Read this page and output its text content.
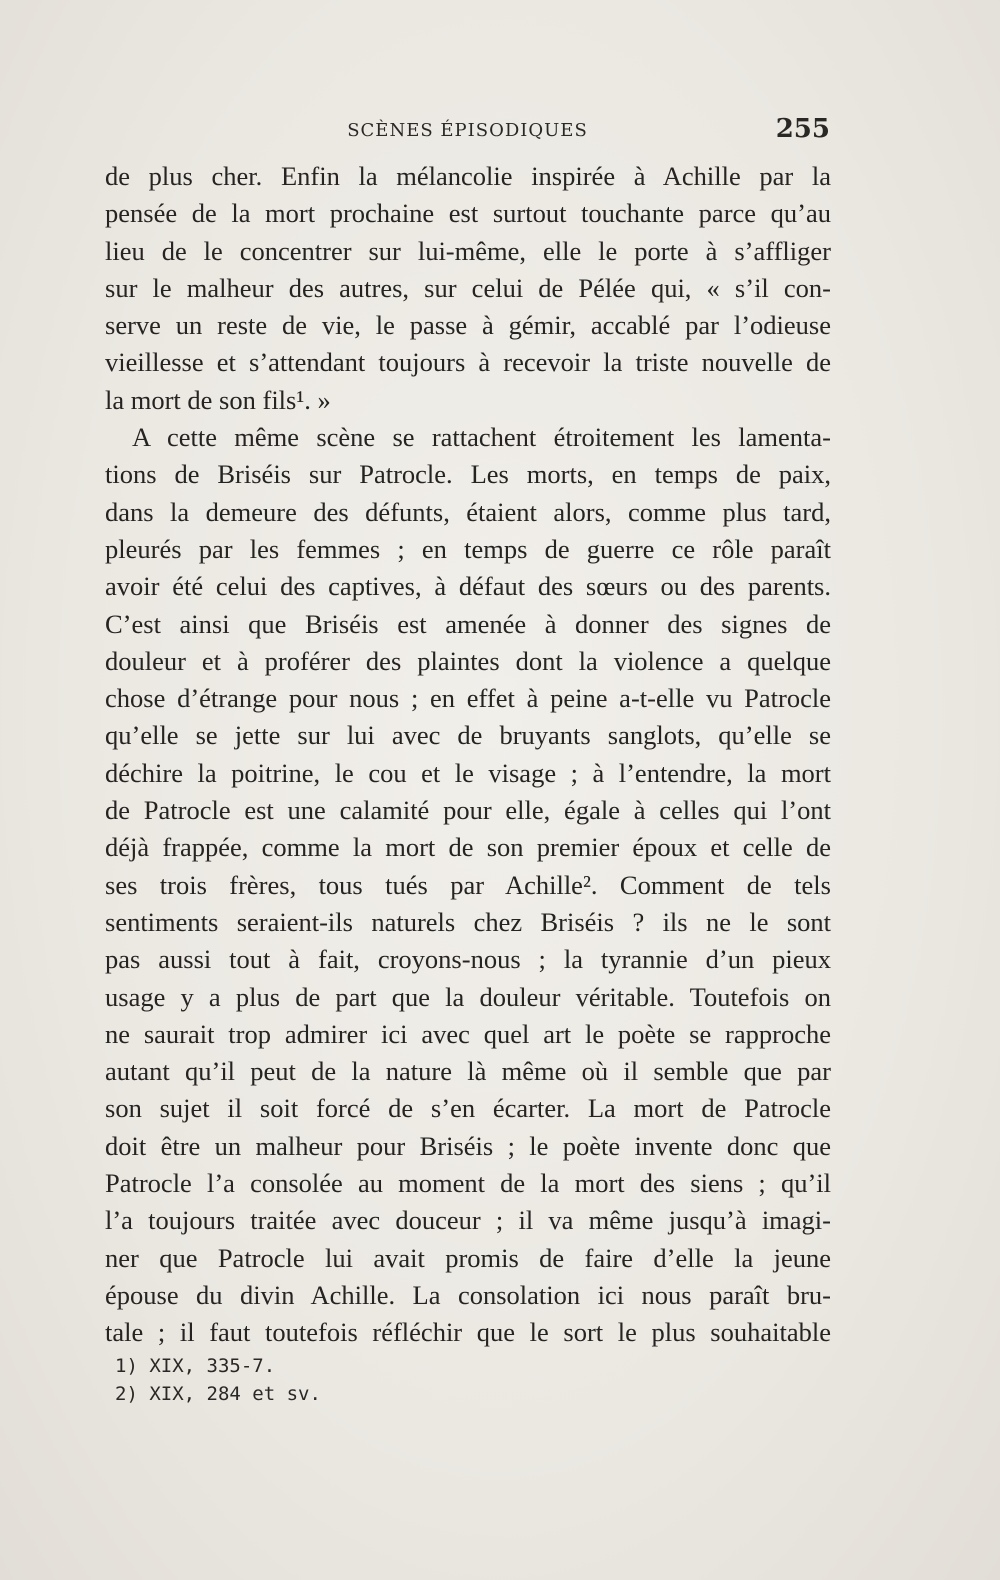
SCÈNES ÉPISODIQUES	255
de plus cher. Enfin la mélancolie inspirée à Achille par la
pensée de la mort prochaine est surtout touchante parce qu’au
lieu de le concentrer sur lui-même, elle le porte à s’affliger
sur le malheur des autres, sur celui de Pélée qui, « s’il con-
serve un reste de vie, le passe à gémir, accablé par l’odieuse
vieillesse et s’attendant toujours à recevoir la triste nouvelle de
la mort de son fils¹. »
A cette même scène se rattachent étroitement les lamenta-
tions de Briséis sur Patrocle. Les morts, en temps de paix,
dans la demeure des défunts, étaient alors, comme plus tard,
pleurés par les femmes ; en temps de guerre ce rôle paraît
avoir été celui des captives, à défaut des sœurs ou des parents.
C’est ainsi que Briséis est amenée à donner des signes de
douleur et à proférer des plaintes dont la violence a quelque
chose d’étrange pour nous ; en effet à peine a-t-elle vu Patrocle
qu’elle se jette sur lui avec de bruyants sanglots, qu’elle se
déchire la poitrine, le cou et le visage ; à l’entendre, la mort
de Patrocle est une calamité pour elle, égale à celles qui l’ont
déjà frappée, comme la mort de son premier époux et celle de
ses trois frères, tous tués par Achille². Comment de tels
sentiments seraient-ils naturels chez Briséis ? ils ne le sont
pas aussi tout à fait, croyons-nous ; la tyrannie d’un pieux
usage y a plus de part que la douleur véritable. Toutefois on
ne saurait trop admirer ici avec quel art le poète se rapproche
autant qu’il peut de la nature là même où il semble que par
son sujet il soit forcé de s’en écarter. La mort de Patrocle
doit être un malheur pour Briséis ; le poète invente donc que
Patrocle l’a consolée au moment de la mort des siens ; qu’il
l’a toujours traitée avec douceur ; il va même jusqu’à imagi-
ner que Patrocle lui avait promis de faire d’elle la jeune
épouse du divin Achille. La consolation ici nous paraît bru-
tale ; il faut toutefois réfléchir que le sort le plus souhaitable
1) XIX, 335-7.
2) XIX, 284 et sv.
